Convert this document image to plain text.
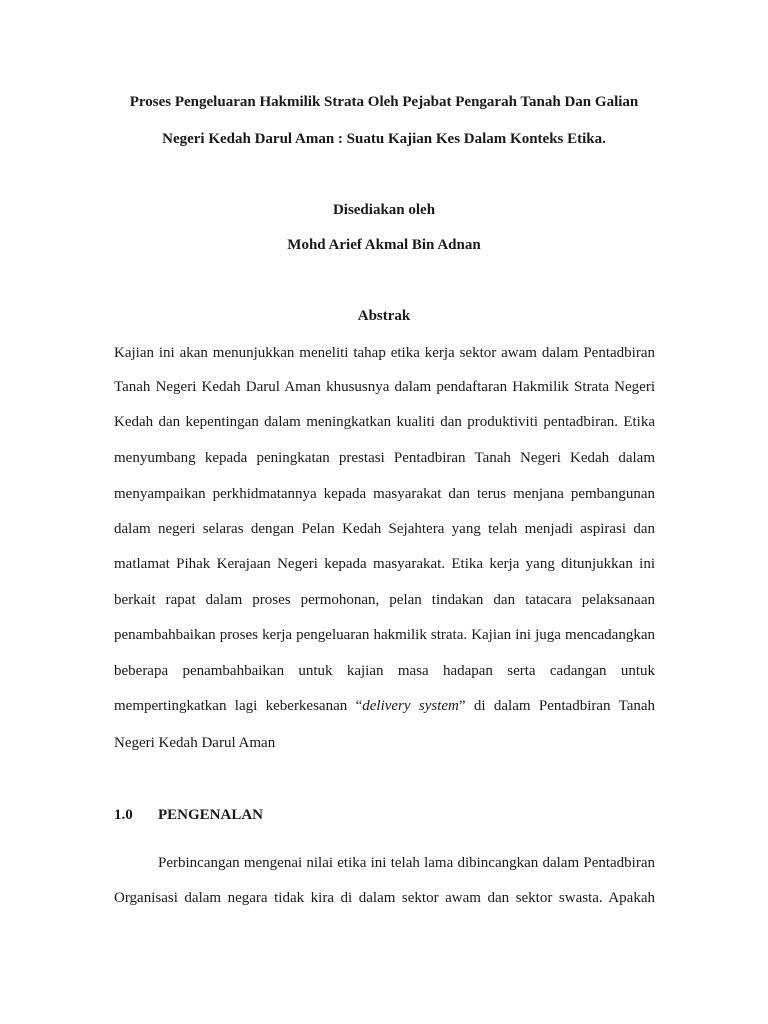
Proses Pengeluaran Hakmilik Strata Oleh Pejabat Pengarah Tanah Dan Galian
Negeri Kedah Darul Aman : Suatu Kajian Kes Dalam Konteks Etika.
Disediakan oleh
Mohd Arief Akmal Bin Adnan
Abstrak
Kajian ini akan menunjukkan meneliti tahap etika kerja sektor awam dalam Pentadbiran
Tanah Negeri Kedah Darul Aman khususnya dalam pendaftaran Hakmilik Strata Negeri
Kedah dan kepentingan dalam meningkatkan kualiti dan produktiviti pentadbiran. Etika
menyumbang kepada peningkatan prestasi Pentadbiran Tanah Negeri Kedah dalam
menyampaikan perkhidmatannya kepada masyarakat dan terus menjana pembangunan
dalam negeri selaras dengan Pelan Kedah Sejahtera yang telah menjadi aspirasi dan
matlamat Pihak Kerajaan Negeri kepada masyarakat. Etika kerja yang ditunjukkan ini
berkait rapat dalam proses permohonan, pelan tindakan dan tatacara pelaksanaan
penambahbaikan proses kerja pengeluaran hakmilik strata. Kajian ini juga mencadangkan
beberapa penambahbaikan untuk kajian masa hadapan serta cadangan untuk
mempertingkatkan lagi keberkesanan “delivery system” di dalam Pentadbiran Tanah
Negeri Kedah Darul Aman
1.0 PENGENALAN
Perbincangan mengenai nilai etika ini telah lama dibincangkan dalam Pentadbiran
Organisasi dalam negara tidak kira di dalam sektor awam dan sektor swasta. Apakah
